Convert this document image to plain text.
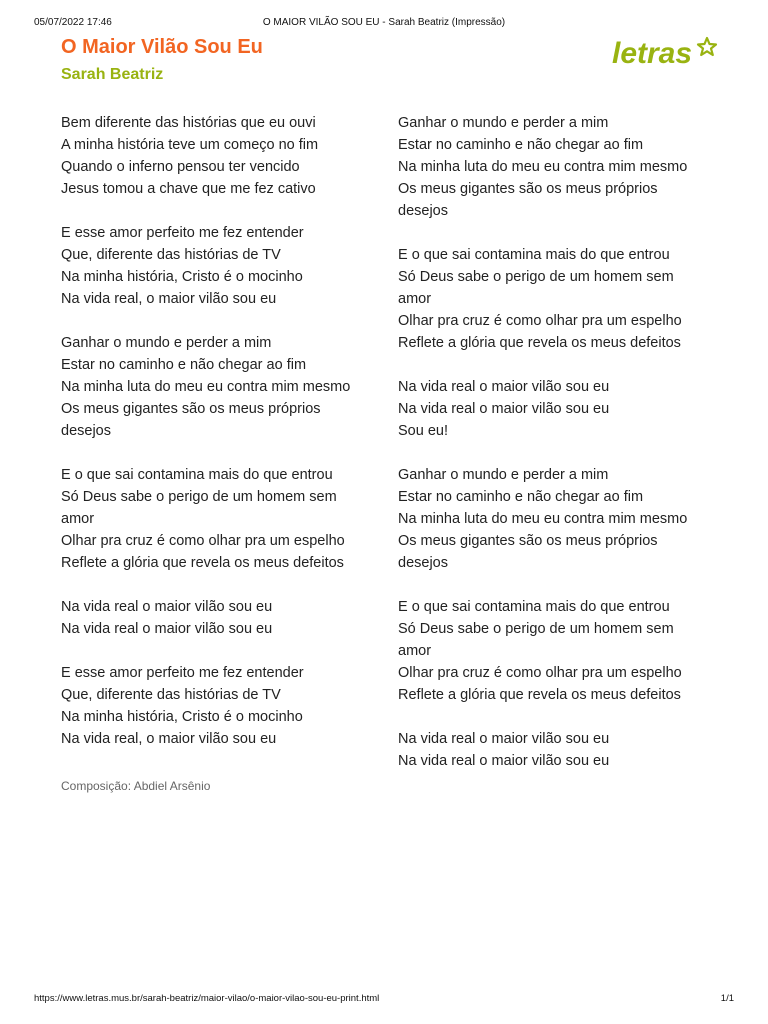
05/07/2022 17:46	O MAIOR VILÃO SOU EU - Sarah Beatriz (Impressão)
O Maior Vilão Sou Eu
Sarah Beatriz
letras
Bem diferente das histórias que eu ouvi
A minha história teve um começo no fim
Quando o inferno pensou ter vencido
Jesus tomou a chave que me fez cativo
E esse amor perfeito me fez entender
Que, diferente das histórias de TV
Na minha história, Cristo é o mocinho
Na vida real, o maior vilão sou eu
Ganhar o mundo e perder a mim
Estar no caminho e não chegar ao fim
Na minha luta do meu eu contra mim mesmo
Os meus gigantes são os meus próprios
desejos
E o que sai contamina mais do que entrou
Só Deus sabe o perigo de um homem sem
amor
Olhar pra cruz é como olhar pra um espelho
Reflete a glória que revela os meus defeitos
Na vida real o maior vilão sou eu
Na vida real o maior vilão sou eu
E esse amor perfeito me fez entender
Que, diferente das histórias de TV
Na minha história, Cristo é o mocinho
Na vida real, o maior vilão sou eu
Ganhar o mundo e perder a mim
Estar no caminho e não chegar ao fim
Na minha luta do meu eu contra mim mesmo
Os meus gigantes são os meus próprios
desejos
E o que sai contamina mais do que entrou
Só Deus sabe o perigo de um homem sem
amor
Olhar pra cruz é como olhar pra um espelho
Reflete a glória que revela os meus defeitos
Na vida real o maior vilão sou eu
Na vida real o maior vilão sou eu
Sou eu!
Ganhar o mundo e perder a mim
Estar no caminho e não chegar ao fim
Na minha luta do meu eu contra mim mesmo
Os meus gigantes são os meus próprios
desejos
E o que sai contamina mais do que entrou
Só Deus sabe o perigo de um homem sem
amor
Olhar pra cruz é como olhar pra um espelho
Reflete a glória que revela os meus defeitos
Na vida real o maior vilão sou eu
Na vida real o maior vilão sou eu
Composição: Abdiel Arsênio
https://www.letras.mus.br/sarah-beatriz/maior-vilao/o-maior-vilao-sou-eu-print.html	1/1
